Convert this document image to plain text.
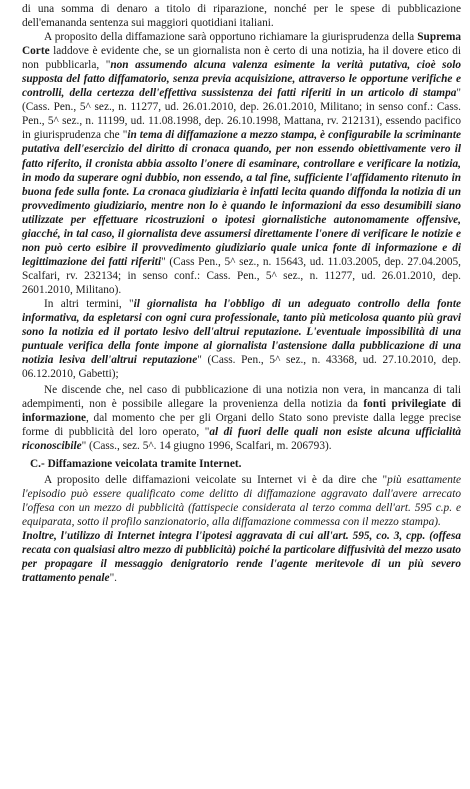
di una somma di denaro a titolo di riparazione, nonché per le spese di pubblicazione dell'emananda sentenza sui maggiori quotidiani italiani.

A proposito della diffamazione sarà opportuno richiamare la giurisprudenza della Suprema Corte laddove è evidente che, se un giornalista non è certo di una notizia, ha il dovere etico di non pubblicarla, "non assumendo alcuna valenza esimente la verità putativa, cioè solo supposta del fatto diffamatorio, senza previa acquisizione, attraverso le opportune verifiche e controlli, della certezza dell'effettiva sussistenza dei fatti riferiti in un articolo di stampa" (Cass. Pen., 5^ sez., n. 11277, ud. 26.01.2010, dep. 26.01.2010, Militano; in senso conf.: Cass. Pen., 5^ sez., n. 11199, ud. 11.08.1998, dep. 26.10.1998, Mattana, rv. 212131), essendo pacifico in giurisprudenza che "in tema di diffamazione a mezzo stampa, è configurabile la scriminante putativa dell'esercizio del diritto di cronaca quando, per non essendo obiettivamente vero il fatto riferito, il cronista abbia assolto l'onere di esaminare, controllare e verificare la notizia, in modo da superare ogni dubbio, non essendo, a tal fine, sufficiente l'affidamento ritenuto in buona fede sulla fonte. La cronaca giudiziaria è infatti lecita quando diffonda la notizia di un provvedimento giudiziario, mentre non lo è quando le informazioni da esso desumibili siano utilizzate per effettuare ricostruzioni o ipotesi giornalistiche autonomamente offensive, giacché, in tal caso, il giornalista deve assumersi direttamente l'onere di verificare le notizie e non può certo esibire il provvedimento giudiziario quale unica fonte di informazione e di legittimazione dei fatti riferiti" (Cass Pen., 5^ sez., n. 15643, ud. 11.03.2005, dep. 27.04.2005, Scalfari, rv. 232134; in senso conf.: Cass. Pen., 5^ sez., n. 11277, ud. 26.01.2010, dep. 2601.2010, Militano).

In altri termini, "il giornalista ha l'obbligo di un adeguato controllo della fonte informativa, da espletarsi con ogni cura professionale, tanto più meticolosa quanto più gravi sono la notizia ed il portato lesivo dell'altrui reputazione. L'eventuale impossibilità di una puntuale verifica della fonte impone al giornalista l'astensione dalla pubblicazione di una notizia lesiva dell'altrui reputazione" (Cass. Pen., 5^ sez., n. 43368, ud. 27.10.2010, dep. 06.12.2010, Gabetti);

Ne discende che, nel caso di pubblicazione di una notizia non vera, in mancanza di tali adempimenti, non è possibile allegare la provenienza della notizia da fonti privilegiate di informazione, dal momento che per gli Organi dello Stato sono previste dalla legge precise forme di pubblicità del loro operato, "al di fuori delle quali non esiste alcuna ufficialità riconoscibile" (Cass., sez. 5^. 14 giugno 1996, Scalfari, m. 206793).

C.- Diffamazione veicolata tramite Internet.

A proposito delle diffamazioni veicolate su Internet vi è da dire che "più esattamente l'episodio può essere qualificato come delitto di diffamazione aggravato dall'avere arrecato l'offesa con un mezzo di pubblicità (fattispecie considerata al terzo comma dell'art. 595 c.p. e equiparata, sotto il profilo sanzionatorio, alla diffamazione commessa con il mezzo stampa).

Inoltre, l'utilizzo di Internet integra l'ipotesi aggravata di cui all'art. 595, co. 3, cpp. (offesa recata con qualsiasi altro mezzo di pubblicità) poiché la particolare diffusività del mezzo usato per propagare il messaggio denigratorio rende l'agente meritevole di un più severo trattamento penale".
